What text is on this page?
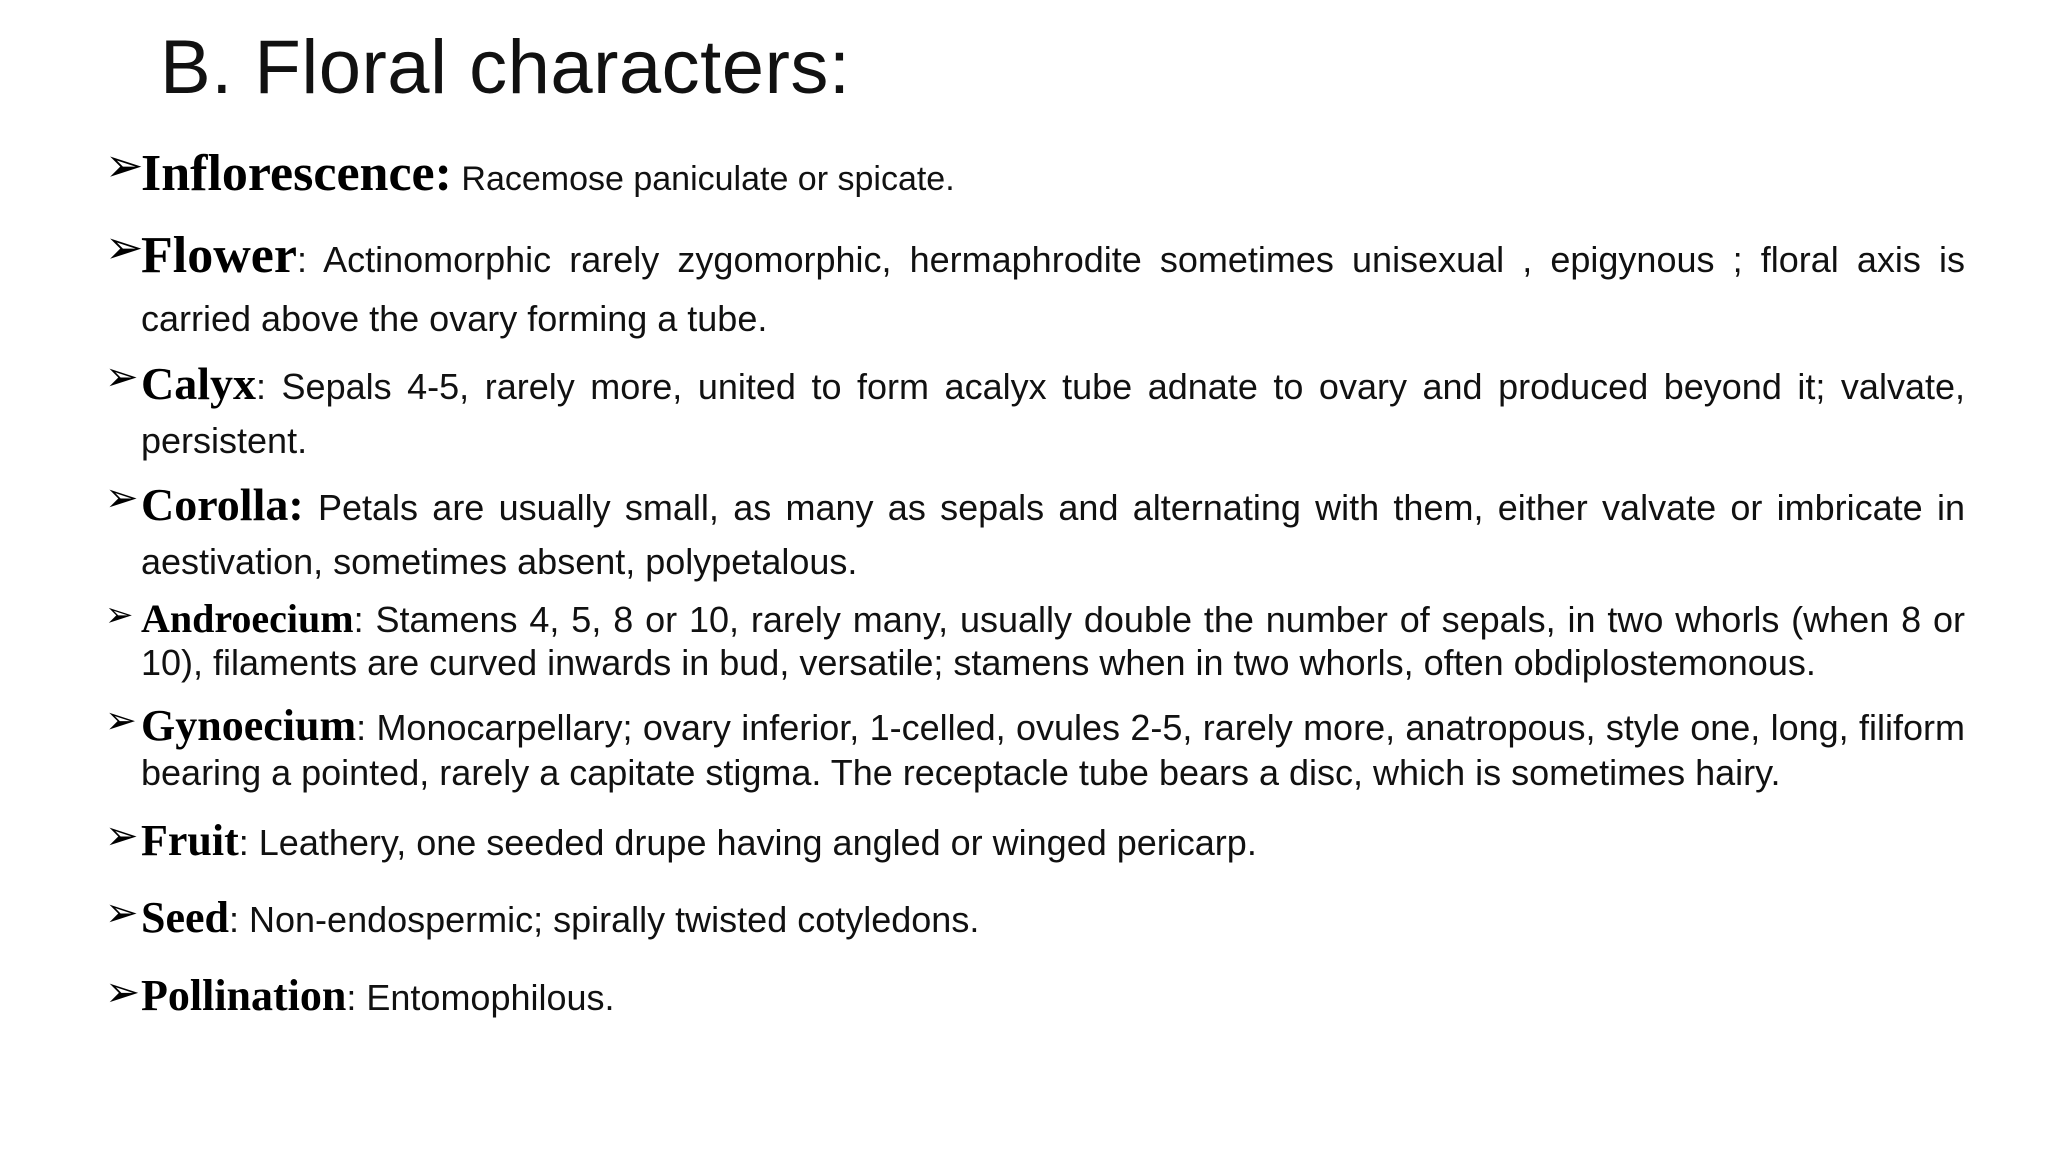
B. Floral characters:
➢
Inflorescence: Racemose paniculate or spicate.
➢
Flower: Actinomorphic rarely zygomorphic, hermaphrodite sometimes unisexual , epigynous ; floral axis is carried above the ovary forming a tube.
➢ Calyx: Sepals 4-5, rarely more, united to form acalyx tube adnate to ovary and produced beyond it; valvate, persistent.
➢ Corolla: Petals are usually small, as many as sepals and alternating with them, either valvate or imbricate in aestivation, sometimes absent, polypetalous.
➢ Androecium: Stamens 4, 5, 8 or 10, rarely many, usually double the number of sepals, in two whorls (when 8 or 10), filaments are curved inwards in bud, versatile; stamens when in two whorls, often obdiplostemonous.
➢ Gynoecium: Monocarpellary; ovary inferior, 1-celled, ovules 2-5, rarely more, anatropous, style one, long, filiform bearing a pointed, rarely a capitate stigma. The receptacle tube bears a disc, which is sometimes hairy.
➢ Fruit: Leathery, one seeded drupe having angled or winged pericarp.
➢ Seed: Non-endospermic; spirally twisted cotyledons.
➢ Pollination: Entomophilous.
